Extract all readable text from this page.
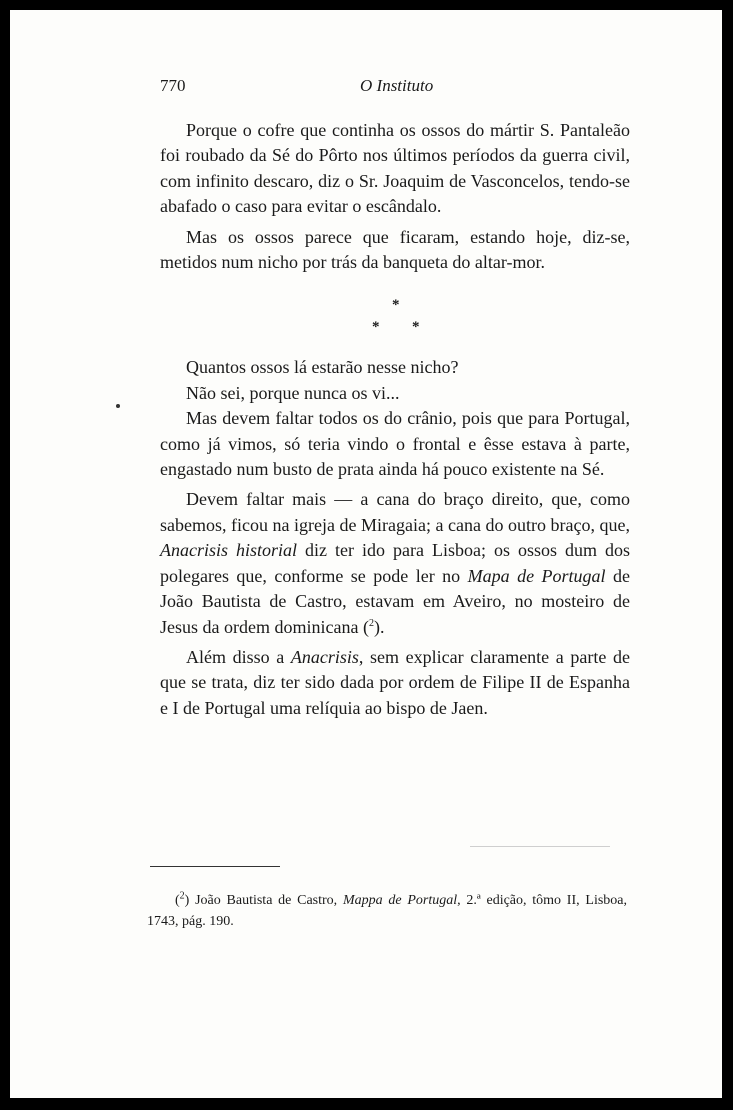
770	O Instituto

Porque o cofre que continha os ossos do mártir S. Pantaleão foi roubado da Sé do Pôrto nos últimos períodos da guerra civil, com infinito descaro, diz o Sr. Joaquim de Vasconcelos, tendo-se abafado o caso para evitar o escândalo.

Mas os ossos parece que ficaram, estando hoje, diz-se, metidos num nicho por trás da banqueta do altar-mor.

*
* *

Quantos ossos lá estarão nesse nicho?

Não sei, porque nunca os vi...

Mas devem faltar todos os do crânio, pois que para Portugal, como já vimos, só teria vindo o frontal e êsse estava à parte, engastado num busto de prata ainda há pouco existente na Sé.

Devem faltar mais — a cana do braço direito, que, como sabemos, ficou na igreja de Miragaia; a cana do outro braço, que, Anacrisis historial diz ter ido para Lisboa; os ossos dum dos polegares que, conforme se pode ler no Mapa de Portugal de João Bautista de Castro, estavam em Aveiro, no mosteiro de Jesus da ordem dominicana ($^2$).

Além disso a Anacrisis, sem explicar claramente a parte de que se trata, diz ter sido dada por ordem de Filipe II de Espanha e I de Portugal uma relíquia ao bispo de Jaen.

($^2$) João Bautista de Castro, Mappa de Portugal, 2.ª edição, tômo II, Lisboa, 1743, pág. 190.
